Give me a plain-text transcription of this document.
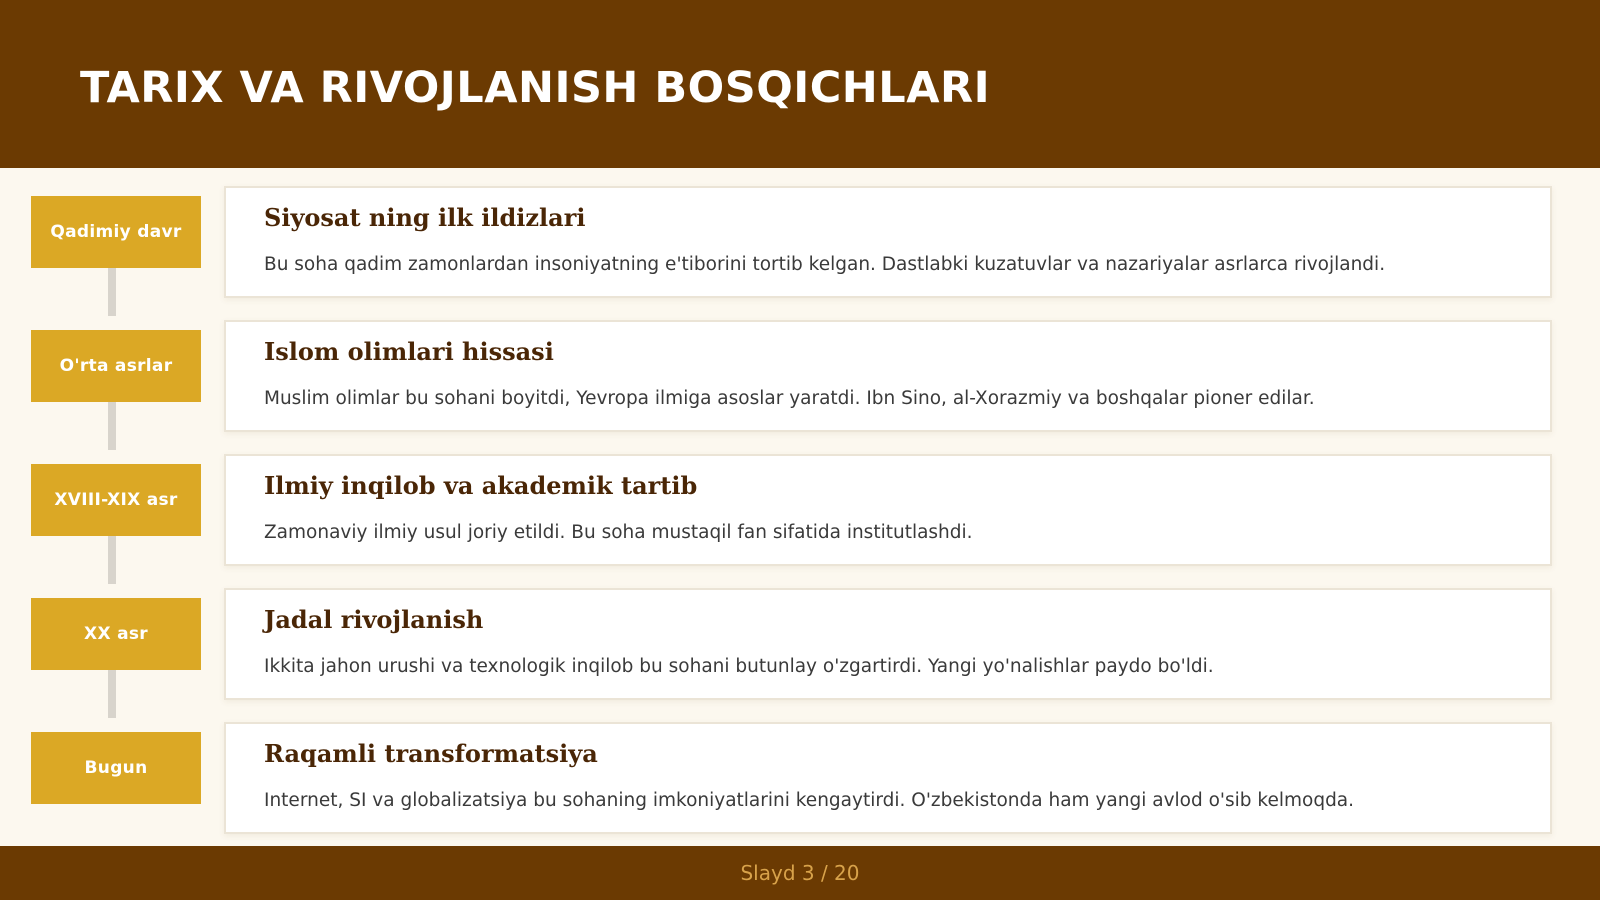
TARIX VA RIVOJLANISH BOSQICHLARI
Qadimiy davr	Siyosat ning ilk ildizlari

Bu soha qadim zamonlardan insoniyatning e'tiborini tortib kelgan. Dastlabki kuzatuvlar va nazariyalar asrlarca rivojlandi.

O'rta asrlar	Islom olimlari hissasi

Muslim olimlar bu sohani boyitdi, Yevropa ilmiga asoslar yaratdi. Ibn Sino, al-Xorazmiy va boshqalar pioner edilar.

XVIII-XIX asr	Ilmiy inqilob va akademik tartib

Zamonaviy ilmiy usul joriy etildi. Bu soha mustaqil fan sifatida institutlashdi.

XX asr	Jadal rivojlanish

Ikkita jahon urushi va texnologik inqilob bu sohani butunlay o'zgartirdi. Yangi yo'nalishlar paydo bo'ldi.

Bugun	Raqamli transformatsiya

Internet, SI va globalizatsiya bu sohaning imkoniyatlarini kengaytirdi. O'zbekistonda ham yangi avlod o'sib kelmoqda.

Slayd 3 / 20
